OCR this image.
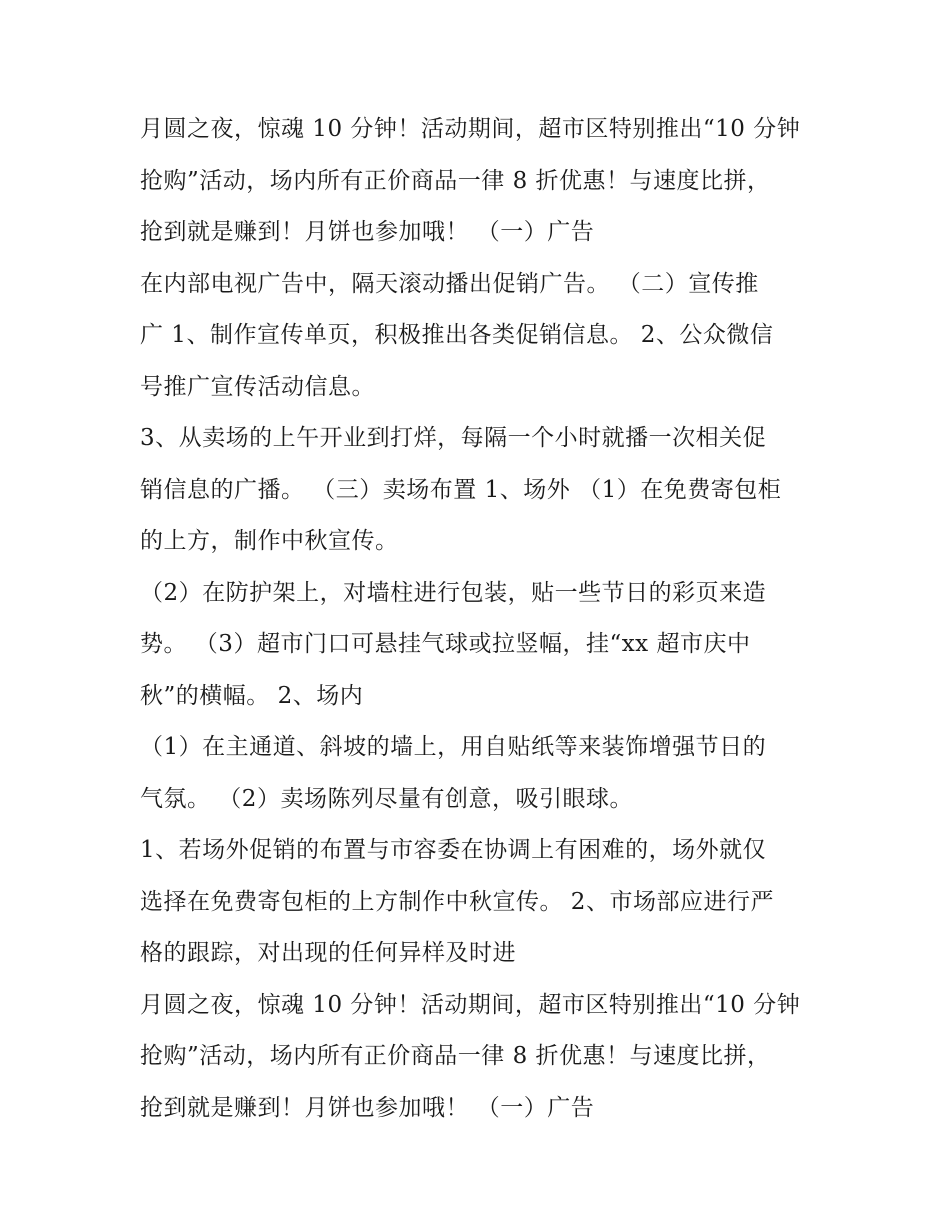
月圆之夜，惊魂 10 分钟！活动期间，超市区特别推出“10 分钟
抢购”活动，场内所有正价商品一律 8 折优惠！与速度比拼，
抢到就是赚到！月饼也参加哦！ （一）广告
在内部电视广告中，隔天滚动播出促销广告。 （二）宣传推
广 1、制作宣传单页，积极推出各类促销信息。 2、公众微信
号推广宣传活动信息。
3、从卖场的上午开业到打烊，每隔一个小时就播一次相关促
销信息的广播。 （三）卖场布置 1、场外 （1）在免费寄包柜
的上方，制作中秋宣传。
（2）在防护架上，对墙柱进行包装，贴一些节日的彩页来造
势。 （3）超市门口可悬挂气球或拉竖幅，挂“xx 超市庆中
秋”的横幅。 2、场内
（1）在主通道、斜坡的墙上，用自贴纸等来装饰增强节日的
气氛。 （2）卖场陈列尽量有创意，吸引眼球。
1、若场外促销的布置与市容委在协调上有困难的，场外就仅
选择在免费寄包柜的上方制作中秋宣传。 2、市场部应进行严
格的跟踪，对出现的任何异样及时进
月圆之夜，惊魂 10 分钟！活动期间，超市区特别推出“10 分钟
抢购”活动，场内所有正价商品一律 8 折优惠！与速度比拼，
抢到就是赚到！月饼也参加哦！ （一）广告
